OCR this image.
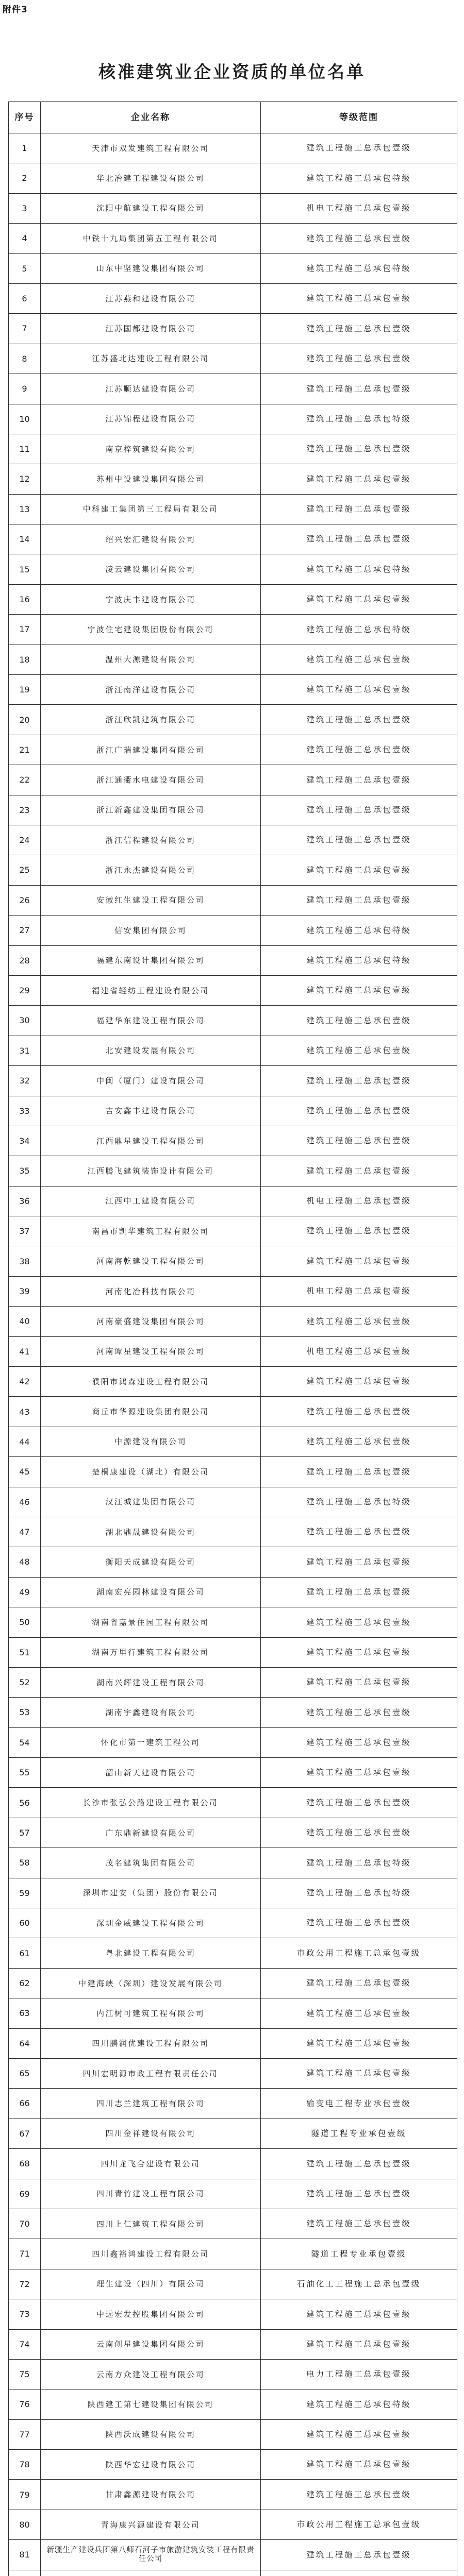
附件3
核准建筑业企业资质的单位名单
序号	企业名称	等级范围
1	天津市双发建筑工程有限公司	建筑工程施工总承包壹级
2	华北冶建工程建设有限公司	建筑工程施工总承包特级
3	沈阳中航建设工程有限公司	机电工程施工总承包壹级
4	中铁十九局集团第五工程有限公司	建筑工程施工总承包壹级
5	山东中坚建设集团有限公司	建筑工程施工总承包特级
6	江苏燕和建设有限公司	建筑工程施工总承包壹级
7	江苏国都建设有限公司	建筑工程施工总承包壹级
8	江苏盛北达建设工程有限公司	建筑工程施工总承包壹级
9	江苏顺达建设有限公司	建筑工程施工总承包壹级
10	江苏锦程建设有限公司	建筑工程施工总承包特级
11	南京梓筑建设有限公司	建筑工程施工总承包壹级
12	苏州中设建设集团有限公司	建筑工程施工总承包壹级
13	中科建工集团第三工程局有限公司	建筑工程施工总承包壹级
14	绍兴宏汇建设有限公司	建筑工程施工总承包壹级
15	凌云建设集团有限公司	建筑工程施工总承包特级
16	宁波庆丰建设有限公司	建筑工程施工总承包壹级
17	宁波住宅建设集团股份有限公司	建筑工程施工总承包特级
18	温州大源建设有限公司	建筑工程施工总承包壹级
19	浙江南洋建设有限公司	建筑工程施工总承包壹级
20	浙江欣凯建筑有限公司	建筑工程施工总承包壹级
21	浙江广瑞建设集团有限公司	建筑工程施工总承包壹级
22	浙江通衢水电建设有限公司	建筑工程施工总承包壹级
23	浙江新鑫建设集团有限公司	建筑工程施工总承包壹级
24	浙江信程建设有限公司	建筑工程施工总承包壹级
25	浙江永杰建设有限公司	建筑工程施工总承包壹级
26	安徽红生建设工程有限公司	建筑工程施工总承包壹级
27	信安集团有限公司	建筑工程施工总承包特级
28	福建东南设计集团有限公司	建筑工程施工总承包特级
29	福建省轻纺工程建设有限公司	建筑工程施工总承包壹级
30	福建华东建设工程有限公司	建筑工程施工总承包壹级
31	北安建设发展有限公司	建筑工程施工总承包壹级
32	中闽（厦门）建设有限公司	建筑工程施工总承包壹级
33	吉安鑫丰建设有限公司	建筑工程施工总承包壹级
34	江西鼎星建设工程有限公司	建筑工程施工总承包壹级
35	江西腾飞建筑装饰设计有限公司	建筑工程施工总承包壹级
36	江西中工建设有限公司	机电工程施工总承包壹级
37	南昌市凯华建筑工程有限公司	建筑工程施工总承包壹级
38	河南海乾建设工程有限公司	建筑工程施工总承包壹级
39	河南化冶科技有限公司	机电工程施工总承包壹级
40	河南豪盛建设集团有限公司	建筑工程施工总承包壹级
41	河南谭星建设工程有限公司	机电工程施工总承包壹级
42	濮阳市鸿森建设工程有限公司	建筑工程施工总承包壹级
43	商丘市华源建设集团有限公司	建筑工程施工总承包壹级
44	中源建设有限公司	建筑工程施工总承包壹级
45	楚桐康建设（湖北）有限公司	建筑工程施工总承包壹级
46	汉江城建集团有限公司	建筑工程施工总承包特级
47	湖北鼎晟建设有限公司	建筑工程施工总承包壹级
48	衡阳天成建设有限公司	建筑工程施工总承包壹级
49	湖南宏亮园林建设有限公司	建筑工程施工总承包壹级
50	湖南省嘉景住园工程有限公司	建筑工程施工总承包壹级
51	湖南万里行建筑工程有限公司	建筑工程施工总承包壹级
52	湖南兴辉建设工程有限公司	建筑工程施工总承包壹级
53	湖南宇鑫建设有限公司	建筑工程施工总承包壹级
54	怀化市第一建筑工程公司	建筑工程施工总承包壹级
55	韶山新天建设有限公司	建筑工程施工总承包壹级
56	长沙市张弘公路建设工程有限公司	建筑工程施工总承包壹级
57	广东鼎新建设有限公司	建筑工程施工总承包壹级
58	茂名建筑集团有限公司	建筑工程施工总承包特级
59	深圳市建安（集团）股份有限公司	建筑工程施工总承包特级
60	深圳金威建设工程有限公司	建筑工程施工总承包壹级
61	粤北建设工程有限公司	市政公用工程施工总承包壹级
62	中建海峡（深圳）建设发展有限公司	建筑工程施工总承包壹级
63	内江树可建筑工程有限公司	建筑工程施工总承包壹级
64	四川鹏润优建设工程有限公司	建筑工程施工总承包壹级
65	四川宏明源市政工程有限责任公司	建筑工程施工总承包壹级
66	四川志兰建筑工程有限公司	输变电工程专业承包壹级
67	四川金祥建设有限公司	隧道工程专业承包壹级
68	四川龙飞合建设有限公司	建筑工程施工总承包壹级
69	四川青竹建设工程有限公司	建筑工程施工总承包壹级
70	四川上仁建筑工程有限公司	建筑工程施工总承包壹级
71	四川鑫裕鸿建设工程有限公司	隧道工程专业承包壹级
72	理生建设（四川）有限公司	石油化工工程施工总承包壹级
73	中远宏发控股集团有限公司	建筑工程施工总承包壹级
74	云南创星建设集团有限公司	建筑工程施工总承包壹级
75	云南方众建设工程有限公司	电力工程施工总承包壹级
76	陕西建工第七建设集团有限公司	建筑工程施工总承包特级
77	陕西沃成建设有限公司	建筑工程施工总承包壹级
78	陕西华宏建设有限公司	建筑工程施工总承包壹级
79	甘肃鑫源建设有限公司	建筑工程施工总承包壹级
80	青海康兴源建设有限公司	市政公用工程施工总承包壹级
81	新疆生产建设兵团第八师石河子市旅游建筑安装工程有限责任公司	建筑工程施工总承包壹级
